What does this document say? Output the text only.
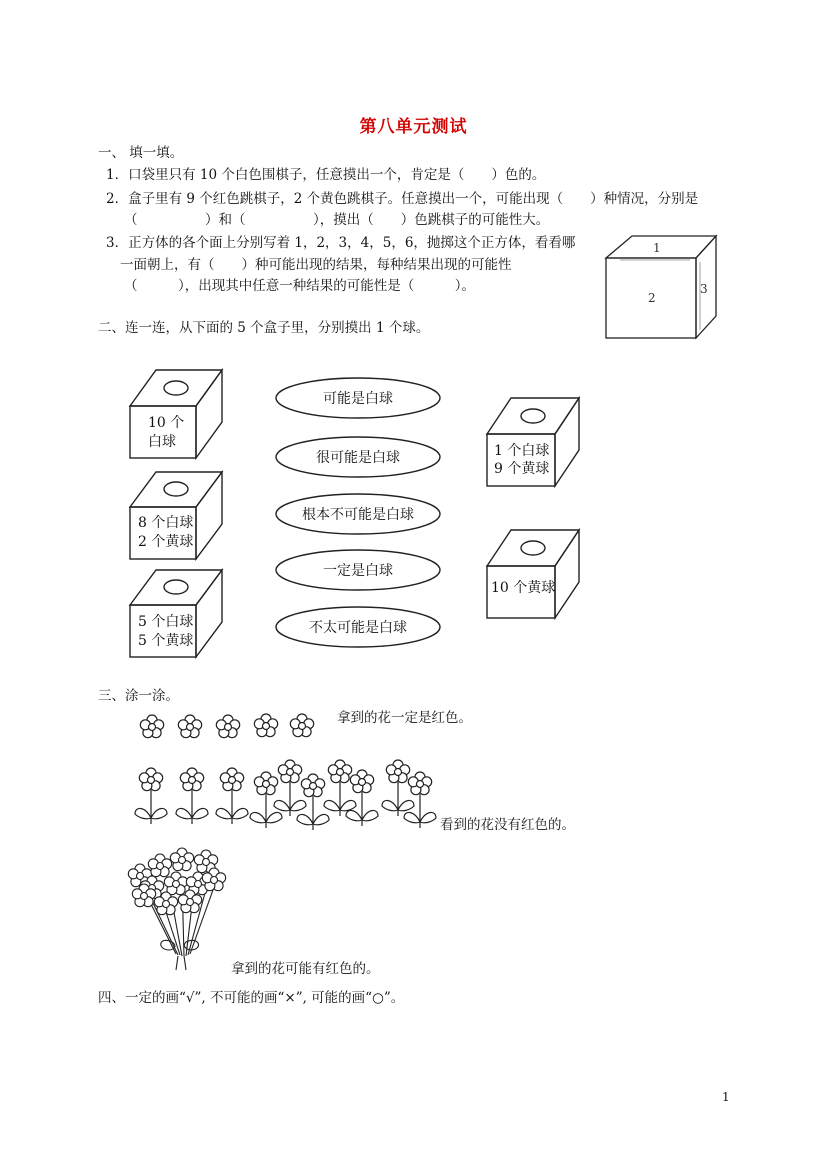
第八单元测试
一、 填一填。
1．口袋里只有 10 个白色围棋子，任意摸出一个，肯定是（　　）色的。
2．盒子里有 9 个红色跳棋子，2 个黄色跳棋子。任意摸出一个，可能出现（　　）种情况，分别是
（　　　　　）和（　　　　　），摸出（　　）色跳棋子的可能性大。
3．正方体的各个面上分别写着 1，2，3，4，5，6，抛掷这个正方体，看看哪
一面朝上，有（　　）种可能出现的结果，每种结果出现的可能性
（　　　），出现其中任意一种结果的可能性是（　　　）。
1
2
3
二、连一连，从下面的 5 个盒子里，分别摸出 1 个球。
10 个
白球
8 个白球
2 个黄球
5 个白球
5 个黄球
1 个白球
9 个黄球
10 个黄球
可能是白球
很可能是白球
根本不可能是白球
一定是白球
不太可能是白球
三、涂一涂。
拿到的花一定是红色。
看到的花没有红色的。
拿到的花可能有红色的。
四、一定的画“√”, 不可能的画“×”, 可能的画“○”。
1
